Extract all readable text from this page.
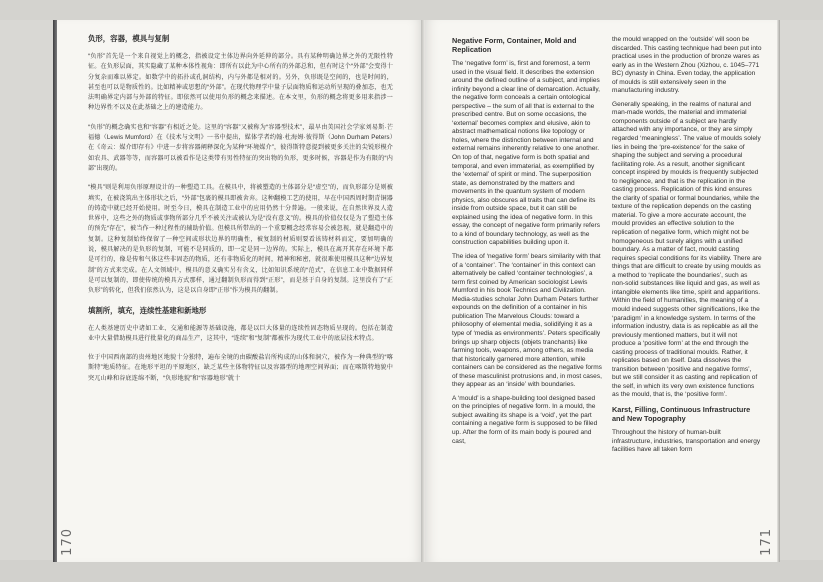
负形，容器，模具与复制

“负形”首先是一个来自视觉上的概念，指被设定主体边界向外延伸的部分。具有某种明确边界之外的无限性特征。在负形层面，其实隐藏了某种本体性视角：即所有以此为中心所有的外部总和，但有时这个“外部”会变得十分复杂而难以界定。如数学中的拓扑或孔洞结构，内与外都是相对的。另外，负形既是空间的，也是时间的，甚至也可以是物质性的。比如精神或思想的“外部”。在现代物理学中量子层面物质和运动所呈现的叠加态，也无法明确界定内部与外部的特征。即依然可以使用负形的概念来描述。在本文里，负形的概念将更多用来指涉一种边界性不以及在此基础之上的建造能力。

“负形”的概念确实也和“容器”有相近之处。这里的“容器”又被称为“容器型技术”，最早由美国社会学家刘易斯·芒福德（Lewis Mumford）在《技术与文明》一书中提出，媒体学者约翰·杜海姆·彼得斯（John Durham Peters）在《奇云：媒介即存有》中进一步将容器阐释深化为某种“环境媒介”，彼得斯特意提到被更多关注的尖锐形模介如农具、武器等等，而容器可以被看作是这类带有男性特征的突出物的负形，更多时候，容器是作为有限的“内部”出现的。

“模具”则是利用负形原理设计的一种塑造工具。在模具中，将被塑造的主体部分是“虚空”的，而负形部分是则被填实，在被浇筑出主体形状之后，“外部”包裹的模具即被舍弃。这种翻模工艺的使用，早在中国西周时期青铜器的铸造中就已经开始使用。时至今日，模具在制造工业中的应用仍然十分普遍。一般来说，在自然世界及人造世界中，这些之外的物质或事物所部分几乎不被关注或被认为是“没有意义”的。模具的价值仅仅是为了塑造主体的预先“存在”，被当作一种过程性的辅助价值。但模具所带出的一个重要概念经常容易会被忽视，就是翻造中的复制。这种复制始终保留了一种空间或形状边界的明确性，被复制的材质则要看该铸材料而定，要加明确的说，模具解决的是负形的复制，可能不是同质的，即一定是同一边界的。实际上，模具在离开其存在环境下都是可行的，像是传和气体这些非固态的物质，还有非物质化的时间，精神和秘密，就很难使用模具这种“边界复制”的方式来完成。在人文领域中，模具的意义确实另有含义，比如知识系统的“范式”，在信息工业中数据同样是可以复制的，即使传统的模具方式那样，通过翻制负形而得到“正形”，而是基于自身的复制。这里没有了“正负形”的转化，但我们依然认为，这是以自身即“正形”作为模具的翻制。

填割所，填充，连续性基建和新地形

在人类基建历史中诸如工业、交通和能源等基础设施，都是以巨大体量的连续性固态物质呈现的。包括在制造业中大量借助模具进行批量化的商品生产，这其中，“连续”和“复制”都被作为现代工业中的底层技术特点。

位于中国西南部的贵州地区地貌十分独特，遍布全境的由碳酸盐岩所构成的山体和洞穴，被作为一种典型的“喀斯特”地质特征。在地形平坦的平原地区，缺乏某些主体物特征以及容器型的地理空间界面；而在喀斯特地貌中突兀山峰和谷底连绵不断，“负形地貌”和“容器地形”就十

Negative Form, Container, Mold and Replication

The ‘negative form’ is, first and foremost, a term used in the visual field. It describes the extension around the defined outline of a subject, and implies infinity beyond a clear line of demarcation. Actually, the negative form conceals a certain ontological perspective – the sum of all that is external to the prescribed centre. But on some occasions, the ‘external’ becomes complex and elusive, akin to abstract mathematical notions like topology or holes, where the distinction between internal and external remains inherently relative to one another. On top of that, negative form is both spatial and temporal, and even immaterial, as exemplified by the ‘external’ of spirit or mind. The superposition state, as demonstrated by the matters and movements in the quantum system of modern physics, also obscures all traits that can define its inside from outside space, but it can still be explained using the idea of negative form. In this essay, the concept of negative form primarily refers to a kind of boundary technology, as well as the construction capabilities building upon it.

The idea of ‘negative form’ bears similarity with that of a ‘container’. The ‘container’ in this context can alternatively be called ‘container technologies’, a term first coined by American sociologist Lewis Mumford in his book Technics and Civilization. Media-studies scholar John Durham Peters further expounds on the definition of a container in his publication The Marvelous Clouds: toward a philosophy of elemental media, solidifying it as a type of ‘media as environments’. Peters specifically brings up sharp objects (objets tranchants) like farming tools, weapons, among others, as media that historically garnered more attention, while containers can be considered as the negative forms of these masculinist protrusions and, in most cases, they appear as an ‘inside’ with boundaries.

A ‘mould’ is a shape-building tool designed based on the principles of negative form. In a mould, the subject awaiting its shape is a ‘void’, yet the part containing a negative form is supposed to be filled up. After the form of its main body is poured and cast,

the mould wrapped on the ‘outside’ will soon be discarded. This casting technique had been put into practical uses in the production of bronze wares as early as in the Western Zhou (Xizhou, c. 1045–771 BC) dynasty in China. Even today, the application of moulds is still extensively seen in the manufacturing industry.

Generally speaking, in the realms of natural and man-made worlds, the material and immaterial components outside of a subject are hardly attached with any importance, or they are simply regarded ‘meaningless’. The value of moulds solely lies in being the ‘pre-existence’ for the sake of shaping the subject and serving a procedural facilitating role. As a result, another significant concept inspired by moulds is frequently subjected to negligence, and that is the replication in the casting process. Replication of this kind ensures the clarity of spatial or formal boundaries, while the texture of the replication depends on the casting material. To give a more accurate account, the mould provides an effective solution to the replication of negative form, which might not be homogeneous but surely aligns with a unified boundary. As a matter of fact, mould casting requires special conditions for its viability. There are things that are difficult to create by using moulds as a method to ‘replicate the boundaries’, such as non-solid substances like liquid and gas, as well as intangible elements like time, spirit and apparitions. Within the field of humanities, the meaning of a mould indeed suggests other significations, like the ‘paradigm’ in a knowledge system. In terms of the information industry, data is as replicable as all the previously mentioned matters, but it will not produce a ‘positive form’ at the end through the casting process of traditional moulds. Rather, it replicates based on itself. Data dissolves the transition between ‘positive and negative forms’, but we still consider it as casting and replication of the self, in which its very own existence functions as the mould, that is, the ‘positive form’.

Karst, Filling, Continuous Infrastructure and New Topography

Throughout the history of human-built infrastructure, industries, transportation and energy facilities have all taken form

170	171
